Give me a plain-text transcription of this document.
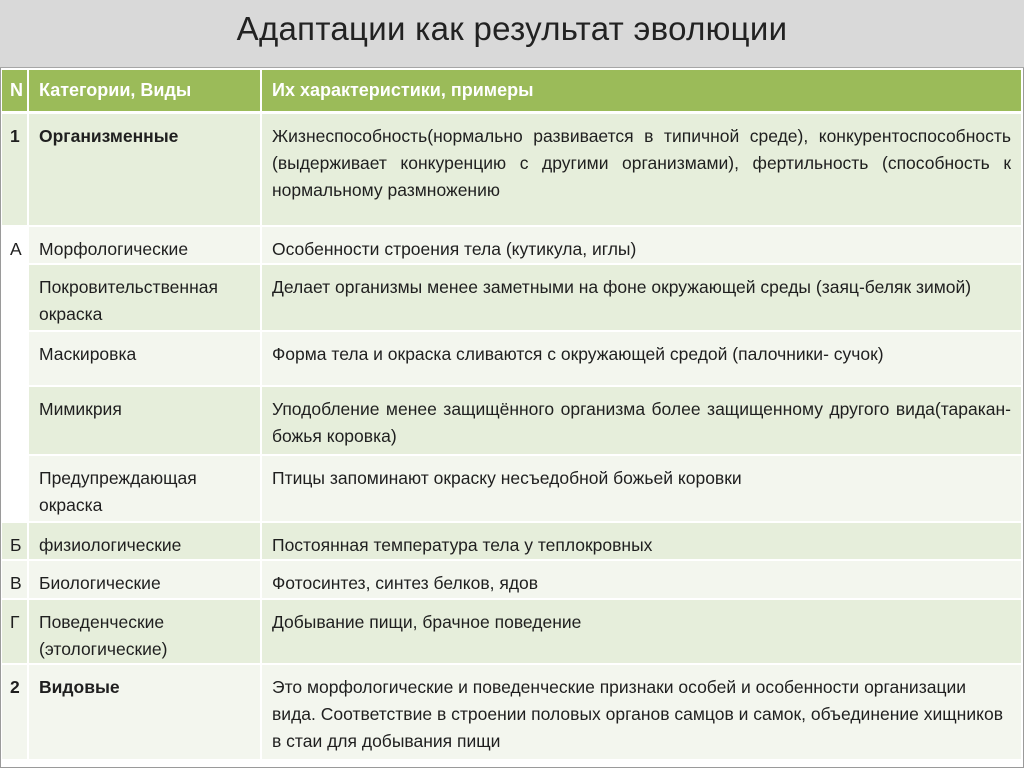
Адаптации как результат эволюции
N	Категории, Виды	Их характеристики, примеры
1	Организменные	Жизнеспособность(нормально развивается в типичной среде), конкурентоспособность (выдерживает конкуренцию с другими организмами), фертильность (способность к нормальному размножению
А	Морфологические	Особенности строения тела (кутикула, иглы)
	Покровительственная окраска	Делает организмы менее заметными на фоне окружающей среды (заяц-беляк зимой)
	Маскировка	Форма тела и окраска сливаются с окружающей средой (палочники- сучок)
	Мимикрия	Уподобление менее защищённого организма более защищенному другого вида(таракан- божья коровка)
	Предупреждающая окраска	Птицы запоминают окраску несъедобной божьей коровки
Б	физиологические	Постоянная температура тела у теплокровных
В	Биологические	Фотосинтез, синтез белков, ядов
Г	Поведенческие (этологические)	Добывание пищи, брачное поведение
2	Видовые	Это морфологические и поведенческие признаки особей и особенности организации вида. Соответствие в строении половых органов самцов и самок, объединение хищников в стаи для добывания пищи
